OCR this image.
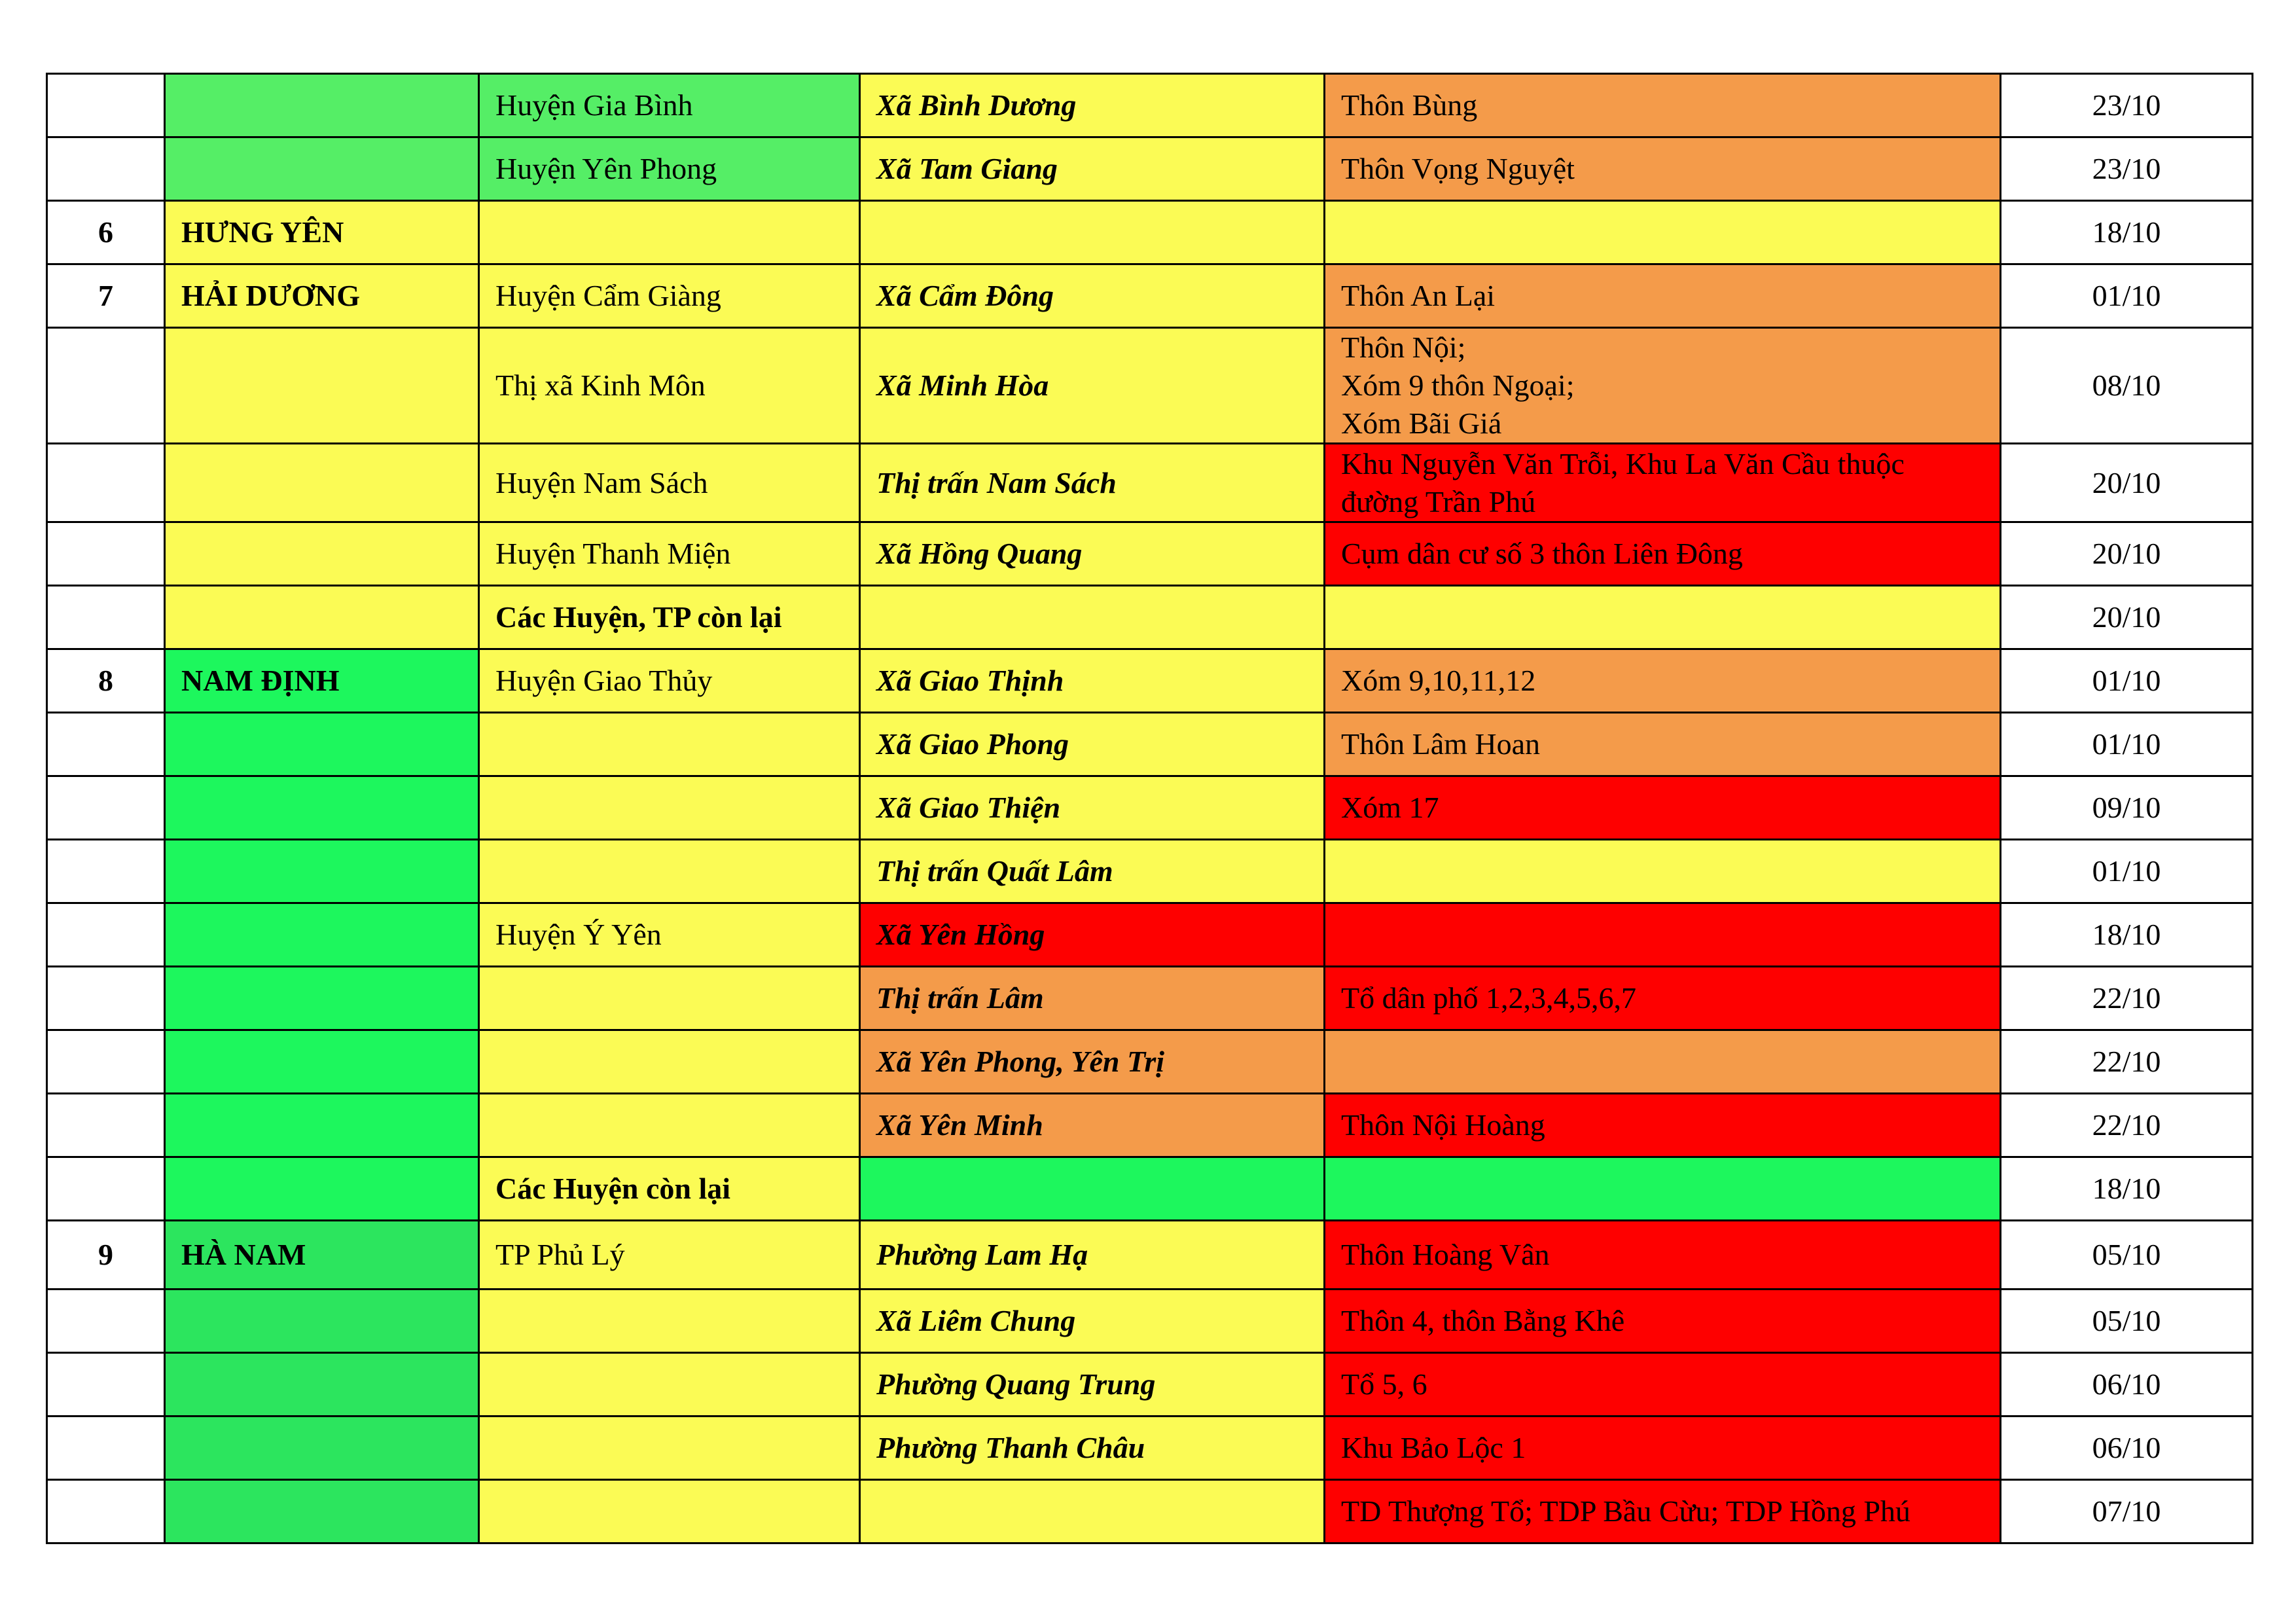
		Huyện Gia Bình	Xã Bình Dương	Thôn Bùng	23/10
		Huyện Yên Phong	Xã Tam Giang	Thôn Vọng Nguyệt	23/10
6	HƯNG YÊN				18/10
7	HẢI DƯƠNG	Huyện Cẩm Giàng	Xã Cẩm Đông	Thôn An Lại	01/10
		Thị xã Kinh Môn	Xã Minh Hòa	Thôn Nội;
Xóm 9 thôn Ngoại;
Xóm Bãi Giá	08/10
		Huyện Nam Sách	Thị trấn Nam Sách	Khu Nguyễn Văn Trỗi, Khu La Văn Cầu thuộc đường Trần Phú	20/10
		Huyện Thanh Miện	Xã Hồng Quang	Cụm dân cư số 3 thôn Liên Đông	20/10
		Các Huyện, TP còn lại			20/10
8	NAM ĐỊNH	Huyện Giao Thủy	Xã Giao Thịnh	Xóm 9,10,11,12	01/10
			Xã Giao Phong	Thôn Lâm Hoan	01/10
			Xã Giao Thiện	Xóm 17	09/10
			Thị trấn Quất Lâm		01/10
		Huyện Ý Yên	Xã Yên Hồng		18/10
			Thị trấn Lâm	Tổ dân phố 1,2,3,4,5,6,7	22/10
			Xã Yên Phong, Yên Trị		22/10
			Xã Yên Minh	Thôn Nội Hoàng	22/10
		Các Huyện còn lại			18/10
9	HÀ NAM	TP Phủ Lý	Phường Lam Hạ	Thôn Hoàng Vân	05/10
			Xã Liêm Chung	Thôn 4, thôn Bằng Khê	05/10
			Phường Quang Trung	Tổ 5, 6	06/10
			Phường Thanh Châu	Khu Bảo Lộc 1	06/10
				TD Thượng Tổ; TDP Bầu Cừu; TDP Hồng Phú	07/10
